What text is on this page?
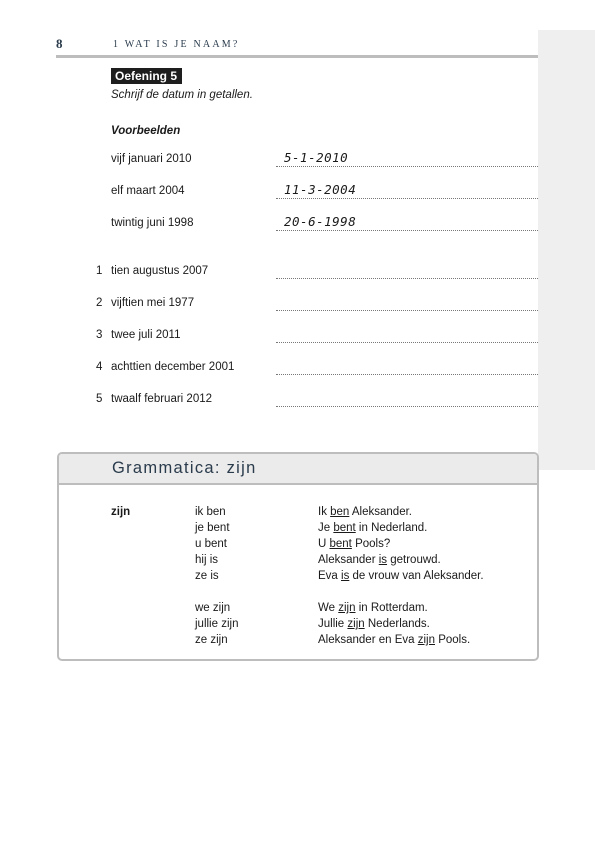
8	1 WAT IS JE NAAM?
Oefening 5
Schrijf de datum in getallen.
Voorbeelden
vijf januari 2010	5-1-2010
elf maart 2004	11-3-2004
twintig juni 1998	20-6-1998
1 tien augustus 2007
2 vijftien mei 1977
3 twee juli 2011
4 achttien december 2001
5 twaalf februari 2012
Grammatica: zijn
zijn	ik ben	Ik ben Aleksander.
je bent	Je bent in Nederland.
u bent	U bent Pools?
hij is	Aleksander is getrouwd.
ze is	Eva is de vrouw van Aleksander.
we zijn	We zijn in Rotterdam.
jullie zijn	Jullie zijn Nederlands.
ze zijn	Aleksander en Eva zijn Pools.
